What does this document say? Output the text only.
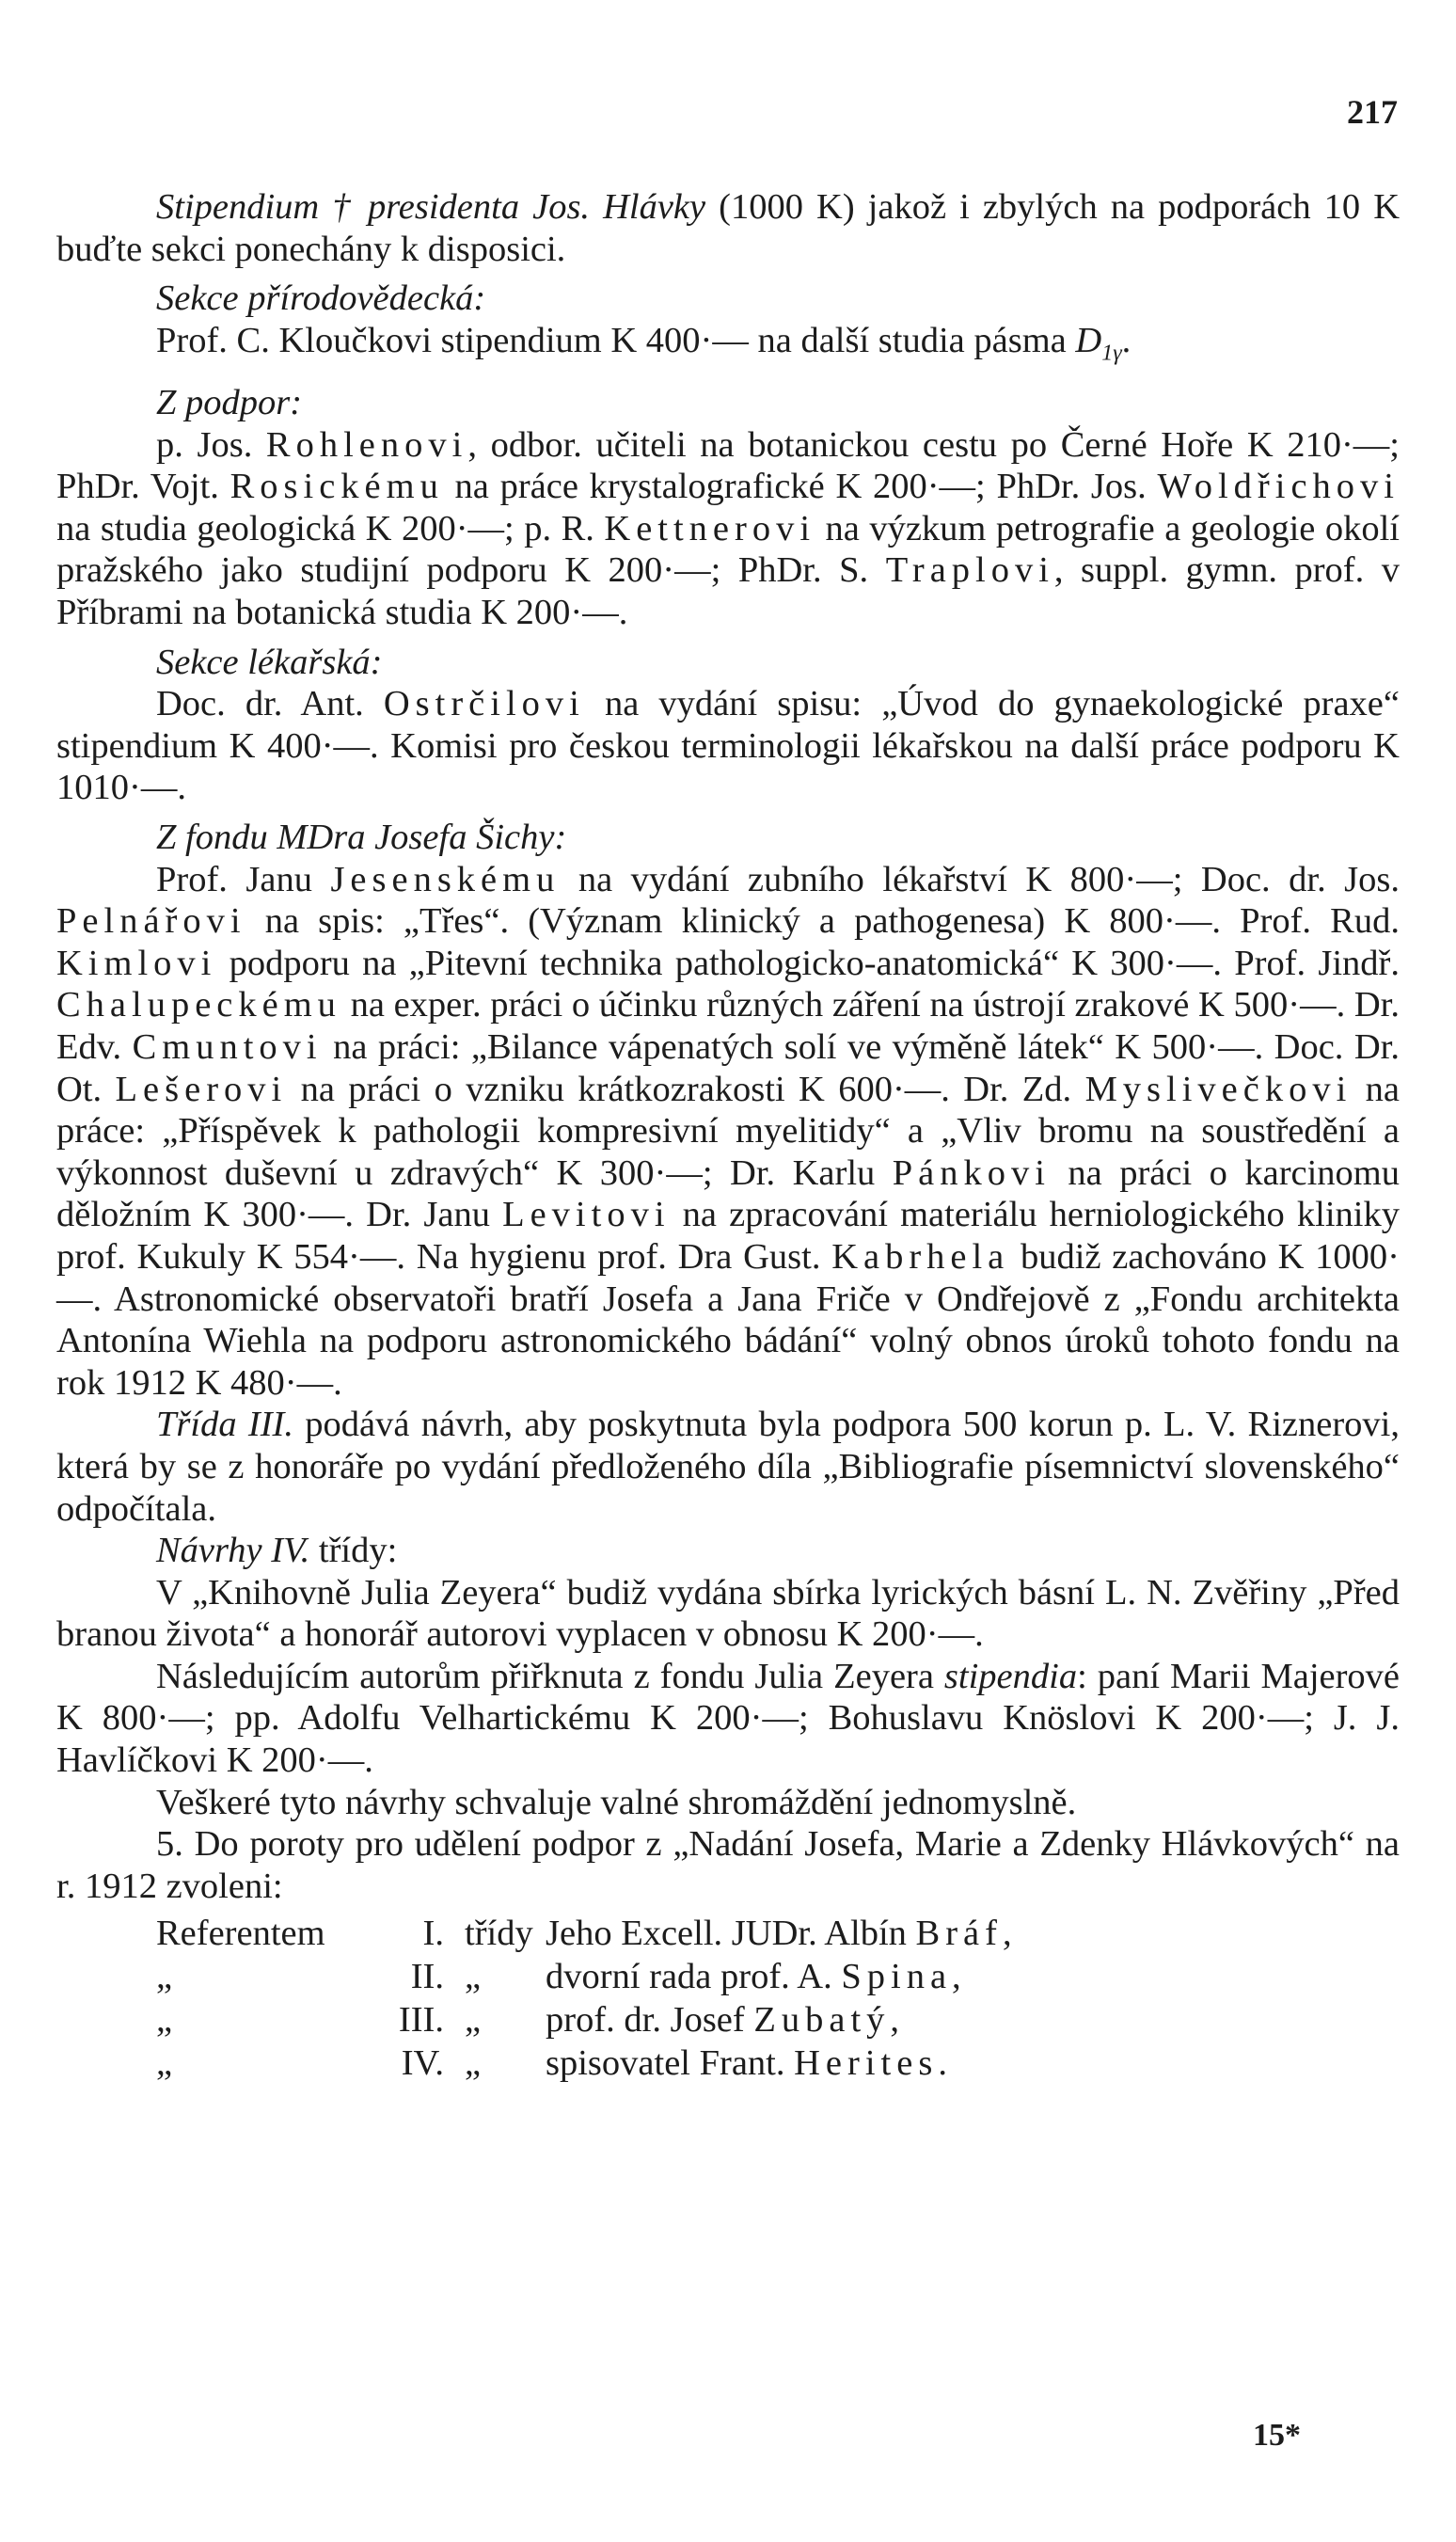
217

Stipendium † presidenta Jos. Hlávky (1000 K) jakož i zbylých na podporách 10 K buďte sekci ponechány k disposici.

Sekce přírodovědecká:

Prof. C. Kloučkovi stipendium K 400·— na další studia pásma $D_{1\gamma}$.

Z podpor:

p. Jos. Rohlenovi, odbor. učiteli na botanickou cestu po Černé Hoře K 210·—; PhDr. Vojt. Rosickému na práce krystalografické K 200·—; PhDr. Jos. Woldřichovi na studia geologická K 200·—; p. R. Kettnerovi na výzkum petrografie a geologie okolí pražského jako studijní podporu K 200·—; PhDr. S. Traplovi, suppl. gymn. prof. v Příbrami na botanická studia K 200·—.

Sekce lékařská:

Doc. dr. Ant. Ostrčilovi na vydání spisu: „Úvod do gynaekologické praxe“ stipendium K 400·—. Komisi pro českou terminologii lékařskou na další práce podporu K 1010·—.

Z fondu MDra Josefa Šichy:

Prof. Janu Jesenskému na vydání zubního lékařství K 800·—; Doc. dr. Jos. Pelnářovi na spis: „Třes“. (Význam klinický a pathogenesa) K 800·—. Prof. Rud. Kimlovi podporu na „Pitevní technika pathologicko-anatomická“ K 300·—. Prof. Jindř. Chalupeckému na exper. práci o účinku různých záření na ústrojí zrakové K 500·—. Dr. Edv. Cmuntovi na práci: „Bilance vápenatých solí ve výměně látek“ K 500·—. Doc. Dr. Ot. Lešerovi na práci o vzniku krátkozrakosti K 600·—. Dr. Zd. Myslivečkovi na práce: „Příspěvek k pathologii kompresivní myelitidy“ a „Vliv bromu na soustředění a výkonnost duševní u zdravých“ K 300·—; Dr. Karlu Pánkovi na práci o karcinomu děložním K 300·—. Dr. Janu Levitovi na zpracování materiálu herniologického kliniky prof. Kukuly K 554·—. Na hygienu prof. Dra Gust. Kabrhela budiž zachováno K 1000·—. Astronomické observatoři bratří Josefa a Jana Friče v Ondřejově z „Fondu architekta Antonína Wiehla na podporu astronomického bádání“ volný obnos úroků tohoto fondu na rok 1912 K 480·—.

Třída III. podává návrh, aby poskytnuta byla podpora 500 korun p. L. V. Riznerovi, která by se z honoráře po vydání předloženého díla „Bibliografie písemnictví slovenského“ odpočítala.

Návrhy IV. třídy:

V „Knihovně Julia Zeyera“ budiž vydána sbírka lyrických básní L. N. Zvěřiny „Před branou života“ a honorář autorovi vyplacen v obnosu K 200·—.

Následujícím autorům přiřknuta z fondu Julia Zeyera stipendia: paní Marii Majerové K 800·—; pp. Adolfu Velhartickému K 200·—; Bohuslavu Knöslovi K 200·—; J. J. Havlíčkovi K 200·—.

Veškeré tyto návrhy schvaluje valné shromáždění jednomyslně.

5. Do poroty pro udělení podpor z „Nadání Josefa, Marie a Zdenky Hlávkových“ na r. 1912 zvoleni:

Referentem	I. třídy Jeho Excell. JUDr. Albín Bráf,
„	II. „	dvorní rada prof. A. Spina,
„	III. „	prof. dr. Josef Zubatý,
„	IV. „	spisovatel Frant. Herites.
15*
